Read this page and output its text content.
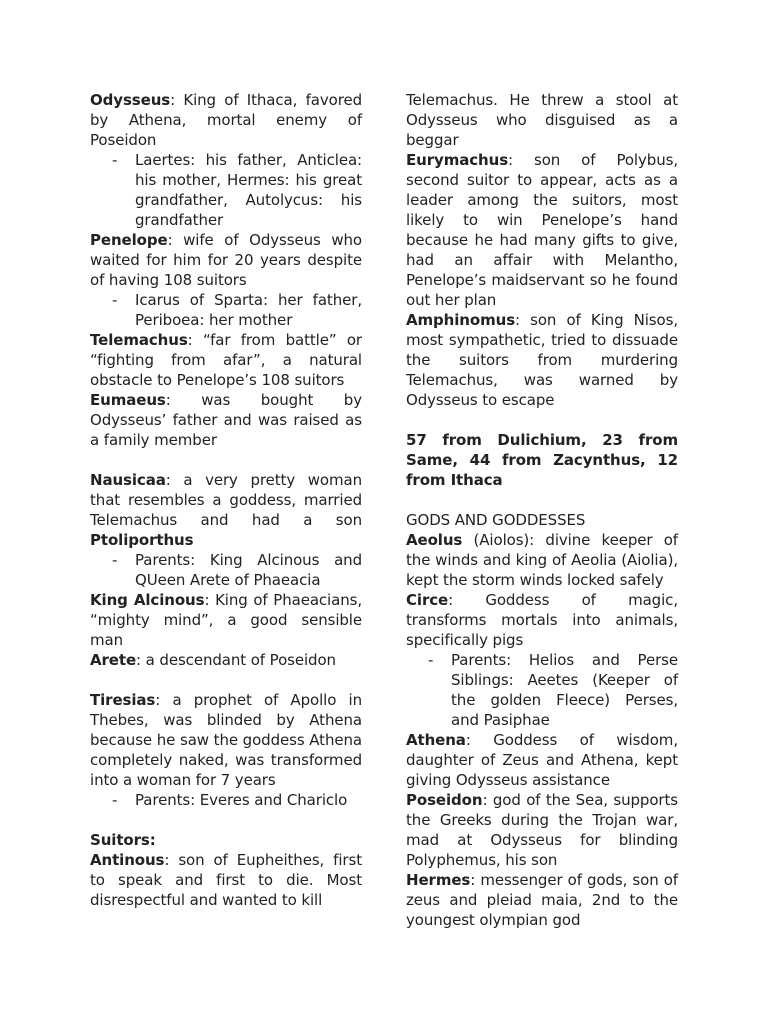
Odysseus: King of Ithaca, favored by Athena, mortal enemy of Poseidon

- Laertes: his father, Anticlea: his mother, Hermes: his great grandfather, Autolycus: his grandfather

Penelope: wife of Odysseus who waited for him for 20 years despite of having 108 suitors

- Icarus of Sparta: her father, Periboea: her mother

Telemachus: “far from battle” or “fighting from afar”, a natural obstacle to Penelope’s 108 suitors

Eumaeus: was bought by Odysseus’ father and was raised as a family member

Nausicaa: a very pretty woman that resembles a goddess, married Telemachus and had a son Ptoliporthus

- Parents: King Alcinous and QUeen Arete of Phaeacia

King Alcinous: King of Phaeacians, “mighty mind”, a good sensible man

Arete: a descendant of Poseidon

Tiresias: a prophet of Apollo in Thebes, was blinded by Athena because he saw the goddess Athena completely naked, was transformed into a woman for 7 years

- Parents: Everes and Chariclo

Suitors:

Antinous: son of Eupheithes, first to speak and first to die. Most disrespectful and wanted to kill

Telemachus. He threw a stool at Odysseus who disguised as a beggar

Eurymachus: son of Polybus, second suitor to appear, acts as a leader among the suitors, most likely to win Penelope’s hand because he had many gifts to give, had an affair with Melantho, Penelope’s maidservant so he found out her plan

Amphinomus: son of King Nisos, most sympathetic, tried to dissuade the suitors from murdering Telemachus, was warned by Odysseus to escape

57 from Dulichium, 23 from Same, 44 from Zacynthus, 12 from Ithaca

GODS AND GODDESSES

Aeolus (Aiolos): divine keeper of the winds and king of Aeolia (Aiolia), kept the storm winds locked safely

Circe: Goddess of magic, transforms mortals into animals, specifically pigs

- Parents: Helios and Perse Siblings: Aeetes (Keeper of the golden Fleece) Perses, and Pasiphae

Athena: Goddess of wisdom, daughter of Zeus and Athena, kept giving Odysseus assistance

Poseidon: god of the Sea, supports the Greeks during the Trojan war, mad at Odysseus for blinding Polyphemus, his son

Hermes: messenger of gods, son of zeus and pleiad maia, 2nd to the youngest olympian god
